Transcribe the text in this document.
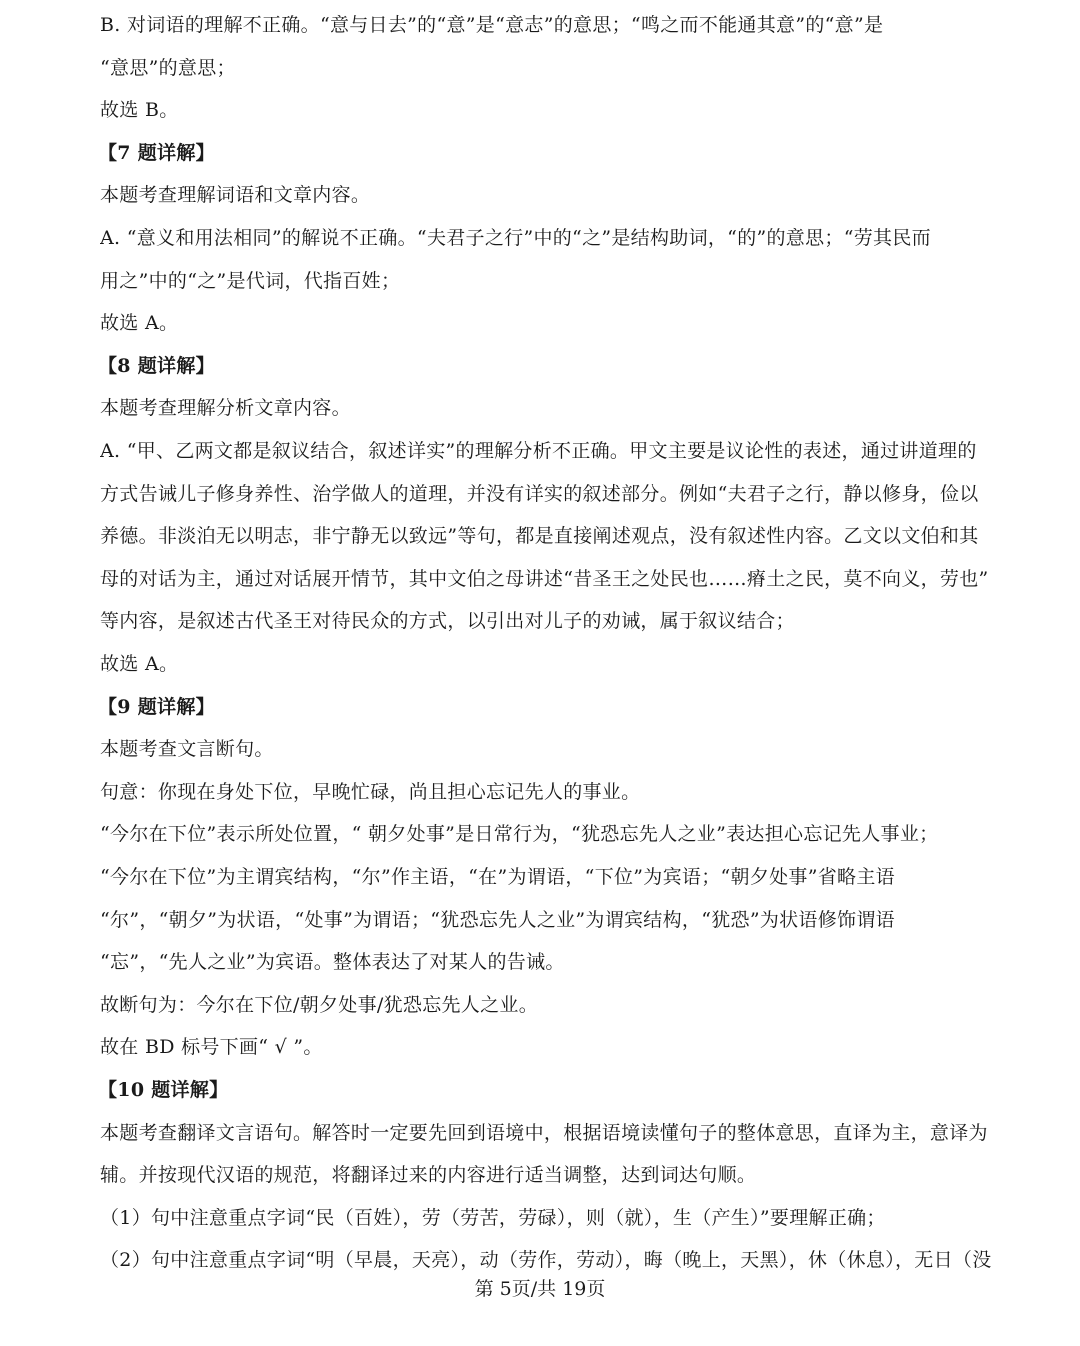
B. 对词语的理解不正确。“意与日去”的“意”是“意志”的意思；“鸣之而不能通其意”的“意”是
“意思”的意思；
故选 B。
【7 题详解】
本题考查理解词语和文章内容。
A. “意义和用法相同”的解说不正确。“夫君子之行”中的“之”是结构助词，“的”的意思；“劳其民而
用之”中的“之”是代词，代指百姓；
故选 A。
【8 题详解】
本题考查理解分析文章内容。
A. “甲、乙两文都是叙议结合，叙述详实”的理解分析不正确。甲文主要是议论性的表述，通过讲道理的
方式告诫儿子修身养性、治学做人的道理，并没有详实的叙述部分。例如“夫君子之行，静以修身，俭以
养德。非淡泊无以明志，非宁静无以致远”等句，都是直接阐述观点，没有叙述性内容。乙文以文伯和其
母的对话为主，通过对话展开情节，其中文伯之母讲述“昔圣王之处民也……瘠土之民，莫不向义，劳也”
等内容，是叙述古代圣王对待民众的方式，以引出对儿子的劝诫，属于叙议结合；
故选 A。
【9 题详解】
本题考查文言断句。
句意：你现在身处下位，早晚忙碌，尚且担心忘记先人的事业。
“今尔在下位”表示所处位置，“ 朝夕处事”是日常行为，“犹恐忘先人之业”表达担心忘记先人事业；
“今尔在下位”为主谓宾结构，“尔”作主语，“在”为谓语，“下位”为宾语；“朝夕处事”省略主语
“尔”，“朝夕”为状语，“处事”为谓语；“犹恐忘先人之业”为谓宾结构，“犹恐”为状语修饰谓语
“忘”，“先人之业”为宾语。整体表达了对某人的告诫。
故断句为：今尔在下位/朝夕处事/犹恐忘先人之业。
故在 BD 标号下画“ √ ”。
【10 题详解】
本题考查翻译文言语句。解答时一定要先回到语境中，根据语境读懂句子的整体意思，直译为主，意译为
辅。并按现代汉语的规范，将翻译过来的内容进行适当调整，达到词达句顺。
（1）句中注意重点字词“民（百姓），劳（劳苦，劳碌），则（就），生（产生）”要理解正确；
（2）句中注意重点字词“明（早晨，天亮），动（劳作，劳动），晦（晚上，天黑），休（休息），无日（没
第 5页/共 19页
